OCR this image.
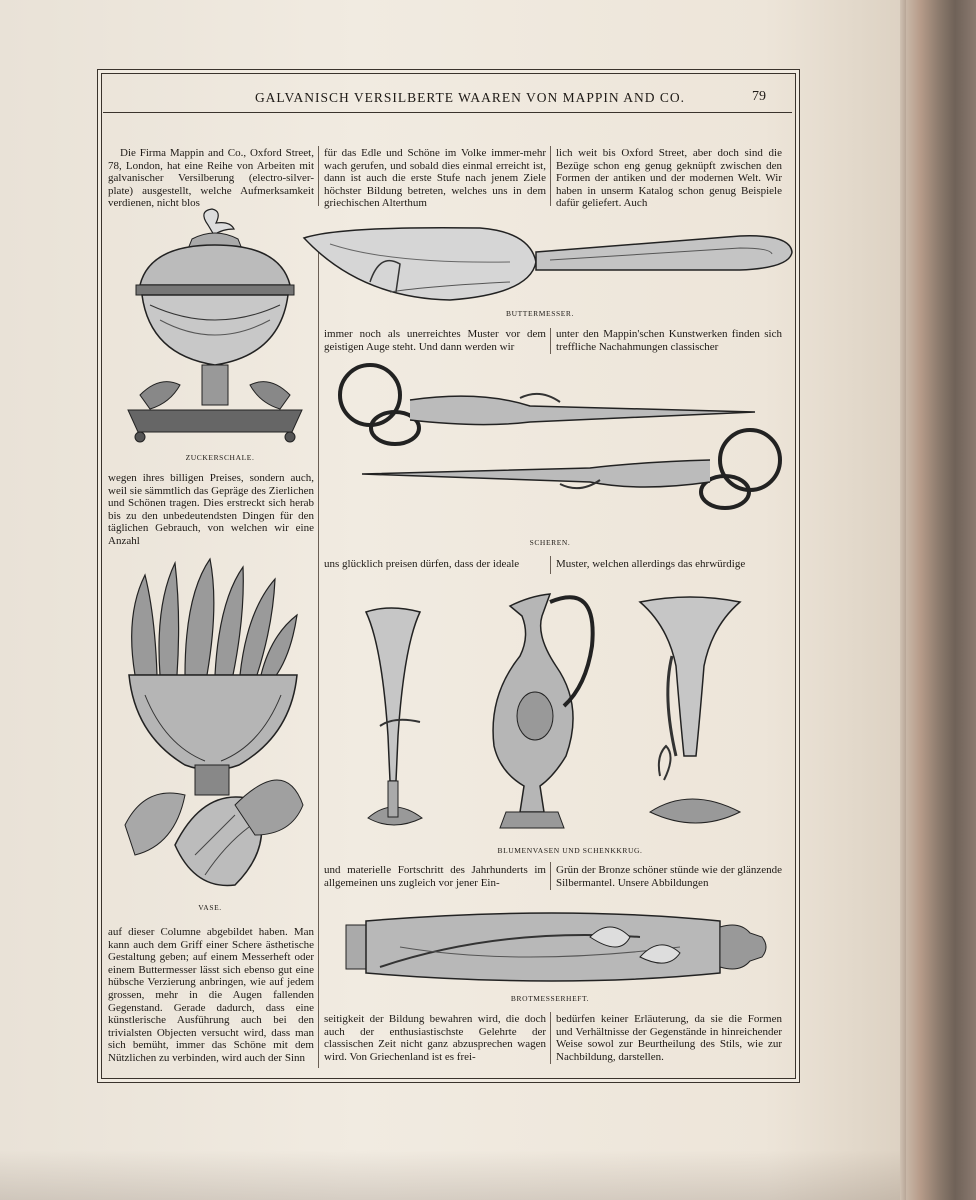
GALVANISCH VERSILBERTE WAAREN VON MAPPIN AND CO.	79

Die Firma Mappin and Co., Oxford Street, 78, London, hat eine Reihe von Arbeiten mit galvanischer Versilberung (electro-silver-plate) ausgestellt, welche Aufmerksamkeit verdienen, nicht blos

für das Edle und Schöne im Volke immer-mehr wach gerufen, und sobald dies einmal erreicht ist, dann ist auch die erste Stufe nach jenem Ziele höchster Bildung betreten, welches uns in dem griechischen Alterthum

lich weit bis Oxford Street, aber doch sind die Bezüge schon eng genug geknüpft zwischen den Formen der antiken und der modernen Welt. Wir haben in unserm Katalog schon genug Beispiele dafür geliefert. Auch

ZUCKERSCHALE.
BUTTERMESSER.

immer noch als unerreichtes Muster vor dem geistigen Auge steht. Und dann werden wir

unter den Mappin'schen Kunstwerken finden sich treffliche Nachahmungen classischer

SCHEREN.

wegen ihres billigen Preises, sondern auch, weil sie sämmtlich das Gepräge des Zierlichen und Schönen tragen. Dies erstreckt sich herab bis zu den unbedeutendsten Dingen für den täglichen Gebrauch, von welchen wir eine Anzahl

VASE.

uns glücklich preisen dürfen, dass der ideale	Muster, welchen allerdings das ehrwürdige

BLUMENVASEN UND SCHENKKRUG.

und materielle Fortschritt des Jahrhunderts im allgemeinen uns zugleich vor jener Ein-

Grün der Bronze schöner stünde wie der glänzende Silbermantel. Unsere Abbildungen

BROTMESSERHEFT.

auf dieser Columne abgebildet haben. Man kann auch dem Griff einer Schere ästhetische Gestaltung geben; auf einem Messerheft oder einem Buttermesser lässt sich ebenso gut eine hübsche Verzierung anbringen, wie auf jedem grossen, mehr in die Augen fallenden Gegenstand. Gerade dadurch, dass eine künstlerische Ausführung auch bei den trivialsten Objecten versucht wird, dass man sich bemüht, immer das Schöne mit dem Nützlichen zu verbinden, wird auch der Sinn

seitigkeit der Bildung bewahren wird, die doch auch der enthusiastischste Gelehrte der classischen Zeit nicht ganz abzusprechen wagen wird. Von Griechenland ist es frei-

bedürfen keiner Erläuterung, da sie die Formen und Verhältnisse der Gegenstände in hinreichender Weise sowol zur Beurtheilung des Stils, wie zur Nachbildung, darstellen.
